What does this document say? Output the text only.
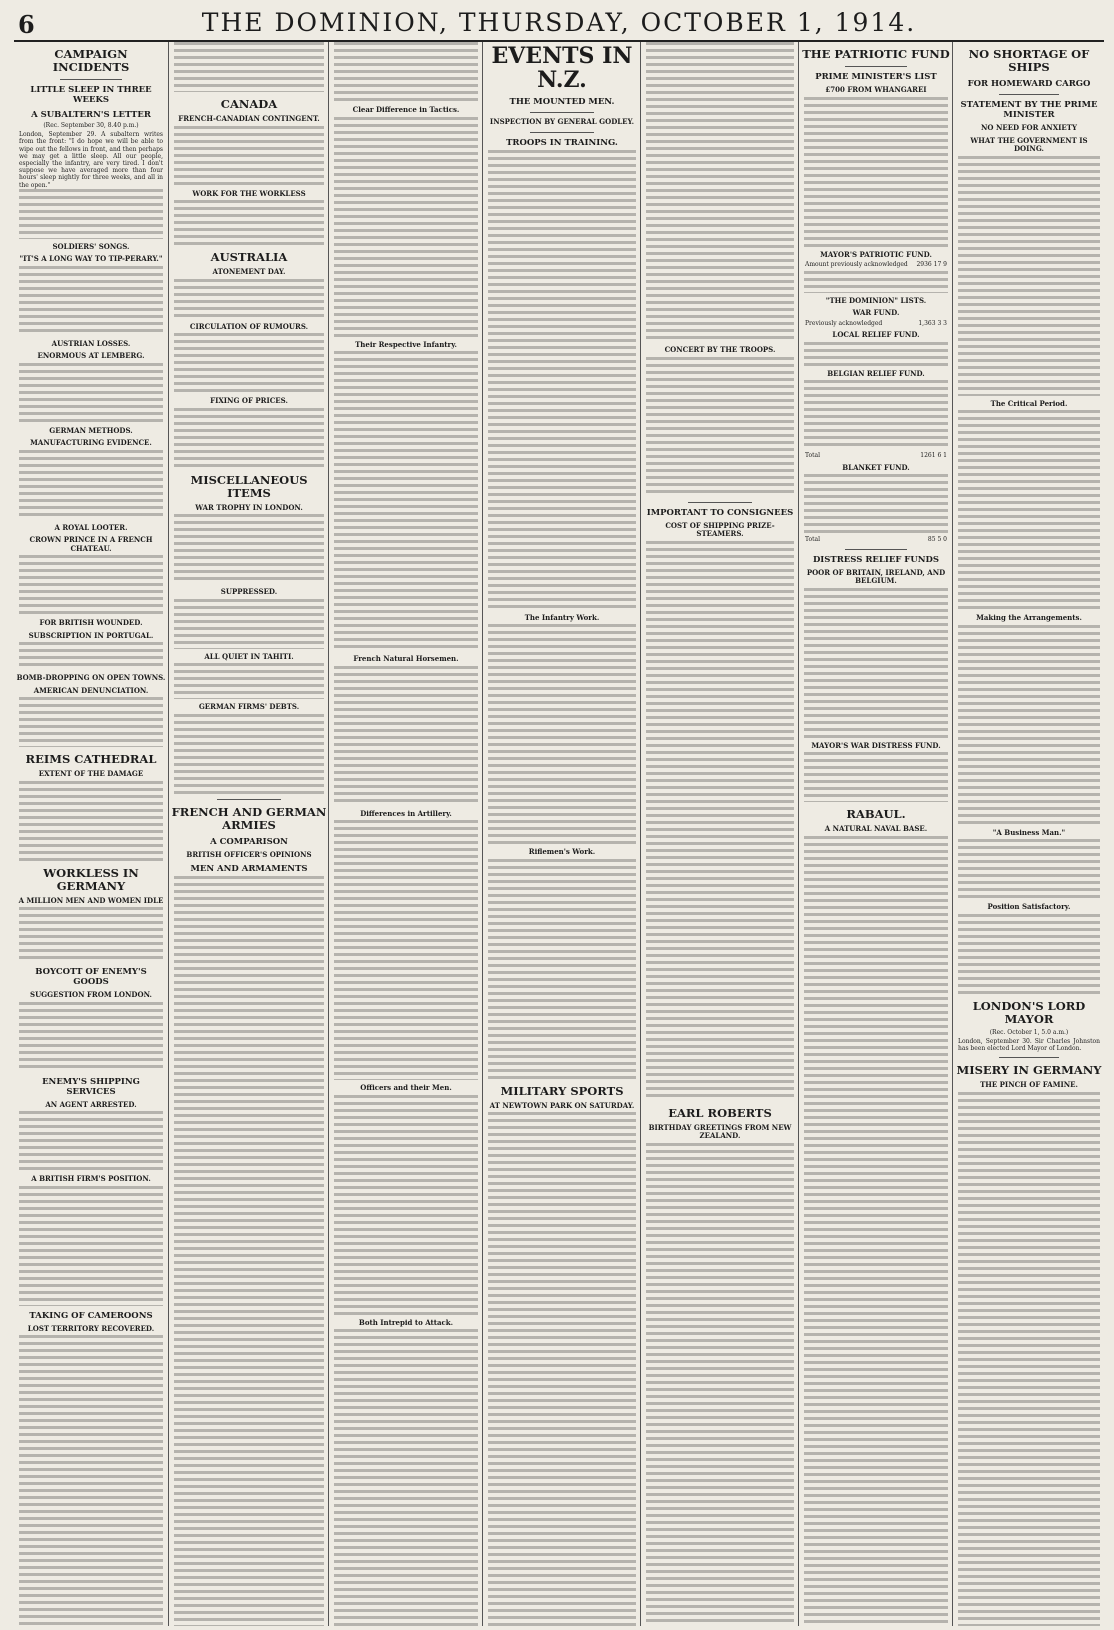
6	THE DOMINION, THURSDAY, OCTOBER 1, 1914.
CAMPAIGN INCIDENTS
LITTLE SLEEP IN THREE WEEKS
A SUBALTERN'S LETTER
(Rec. September 30, 8.40 p.m.)
London, September 29. A subaltern writes from the front: "I do hope we will be able to wipe out the fellows in front, and then perhaps we may get a little sleep. All our people, especially the infantry, are very tired. I don't suppose we have averaged more than four hours' sleep nightly for three weeks, and all in the open."
SOLDIERS' SONGS.
"IT'S A LONG WAY TO TIP-PERARY."
AUSTRIAN LOSSES.
ENORMOUS AT LEMBERG.
GERMAN METHODS.
MANUFACTURING EVIDENCE.
A ROYAL LOOTER.
CROWN PRINCE IN A FRENCH CHATEAU.
FOR BRITISH WOUNDED.
SUBSCRIPTION IN PORTUGAL.
BOMB-DROPPING ON OPEN TOWNS.
AMERICAN DENUNCIATION.
REIMS CATHEDRAL
EXTENT OF THE DAMAGE
WORKLESS IN GERMANY
A MILLION MEN AND WOMEN IDLE
BOYCOTT OF ENEMY'S GOODS
SUGGESTION FROM LONDON.
ENEMY'S SHIPPING SERVICES
AN AGENT ARRESTED.
A BRITISH FIRM'S POSITION.
TAKING OF CAMEROONS
LOST TERRITORY RECOVERED.
CANADA
FRENCH-CANADIAN CONTINGENT.
WORK FOR THE WORKLESS
AUSTRALIA
ATONEMENT DAY.
CIRCULATION OF RUMOURS.
FIXING OF PRICES.
MISCELLANEOUS ITEMS
WAR TROPHY IN LONDON.
SUPPRESSED.
ALL QUIET IN TAHITI.
GERMAN FIRMS' DEBTS.
FRENCH AND GERMAN ARMIES
A COMPARISON
BRITISH OFFICER'S OPINIONS
MEN AND ARMAMENTS
Clear Difference in Tactics.
Their Respective Infantry.
French Natural Horsemen.
Differences in Artillery.
Officers and their Men.
Both Intrepid to Attack.
EVENTS IN N.Z.
THE MOUNTED MEN.
INSPECTION BY GENERAL GODLEY.
TROOPS IN TRAINING.
The Infantry Work.
Riflemen's Work.
MILITARY SPORTS
AT NEWTOWN PARK ON SATURDAY.
CONCERT BY THE TROOPS.
IMPORTANT TO CONSIGNEES
COST OF SHIPPING PRIZE-STEAMERS.
EARL ROBERTS
BIRTHDAY GREETINGS FROM NEW ZEALAND.
THE PATRIOTIC FUND
PRIME MINISTER'S LIST
£700 FROM WHANGAREI
MAYOR'S PATRIOTIC FUND.
Amount previously acknowledged 2936 17 9
"THE DOMINION" LISTS.
WAR FUND.
Previously acknowledged	1,363 3 3
LOCAL RELIEF FUND.
BELGIAN RELIEF FUND.
Total	1261 6 1
BLANKET FUND.
Total	85 5 0
DISTRESS RELIEF FUNDS
POOR OF BRITAIN, IRELAND, AND BELGIUM.
MAYOR'S WAR DISTRESS FUND.
RABAUL.
A NATURAL NAVAL BASE.
NO SHORTAGE OF SHIPS
FOR HOMEWARD CARGO
STATEMENT BY THE PRIME MINISTER
NO NEED FOR ANXIETY
WHAT THE GOVERNMENT IS DOING.
The Critical Period.
Making the Arrangements.
"A Business Man."
Position Satisfactory.
LONDON'S LORD MAYOR
(Rec. October 1, 5.0 a.m.)
London, September 30. Sir Charles Johnston has been elected Lord Mayor of London.
MISERY IN GERMANY
THE PINCH OF FAMINE.
